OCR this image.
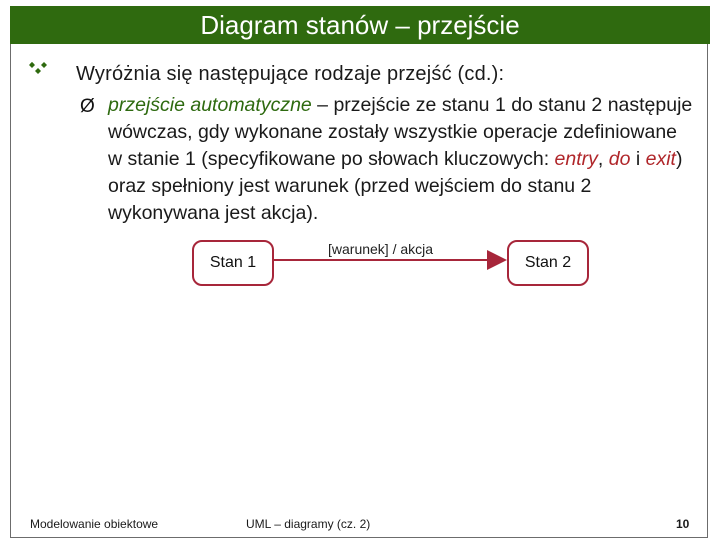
Diagram stanów – przejście
Wyróżnia się następujące rodzaje przejść (cd.):
Ø przejście automatyczne – przejście ze stanu 1 do stanu 2 następuje wówczas, gdy wykonane zostały wszystkie operacje zdefiniowane w stanie 1 (specyfikowane po słowach kluczowych: entry, do i exit) oraz spełniony jest warunek (przed wejściem do stanu 2 wykonywana jest akcja).
Stan 1	Stan 2
[warunek] / akcja
Modelowanie obiektowe	UML – diagramy (cz. 2)	10
